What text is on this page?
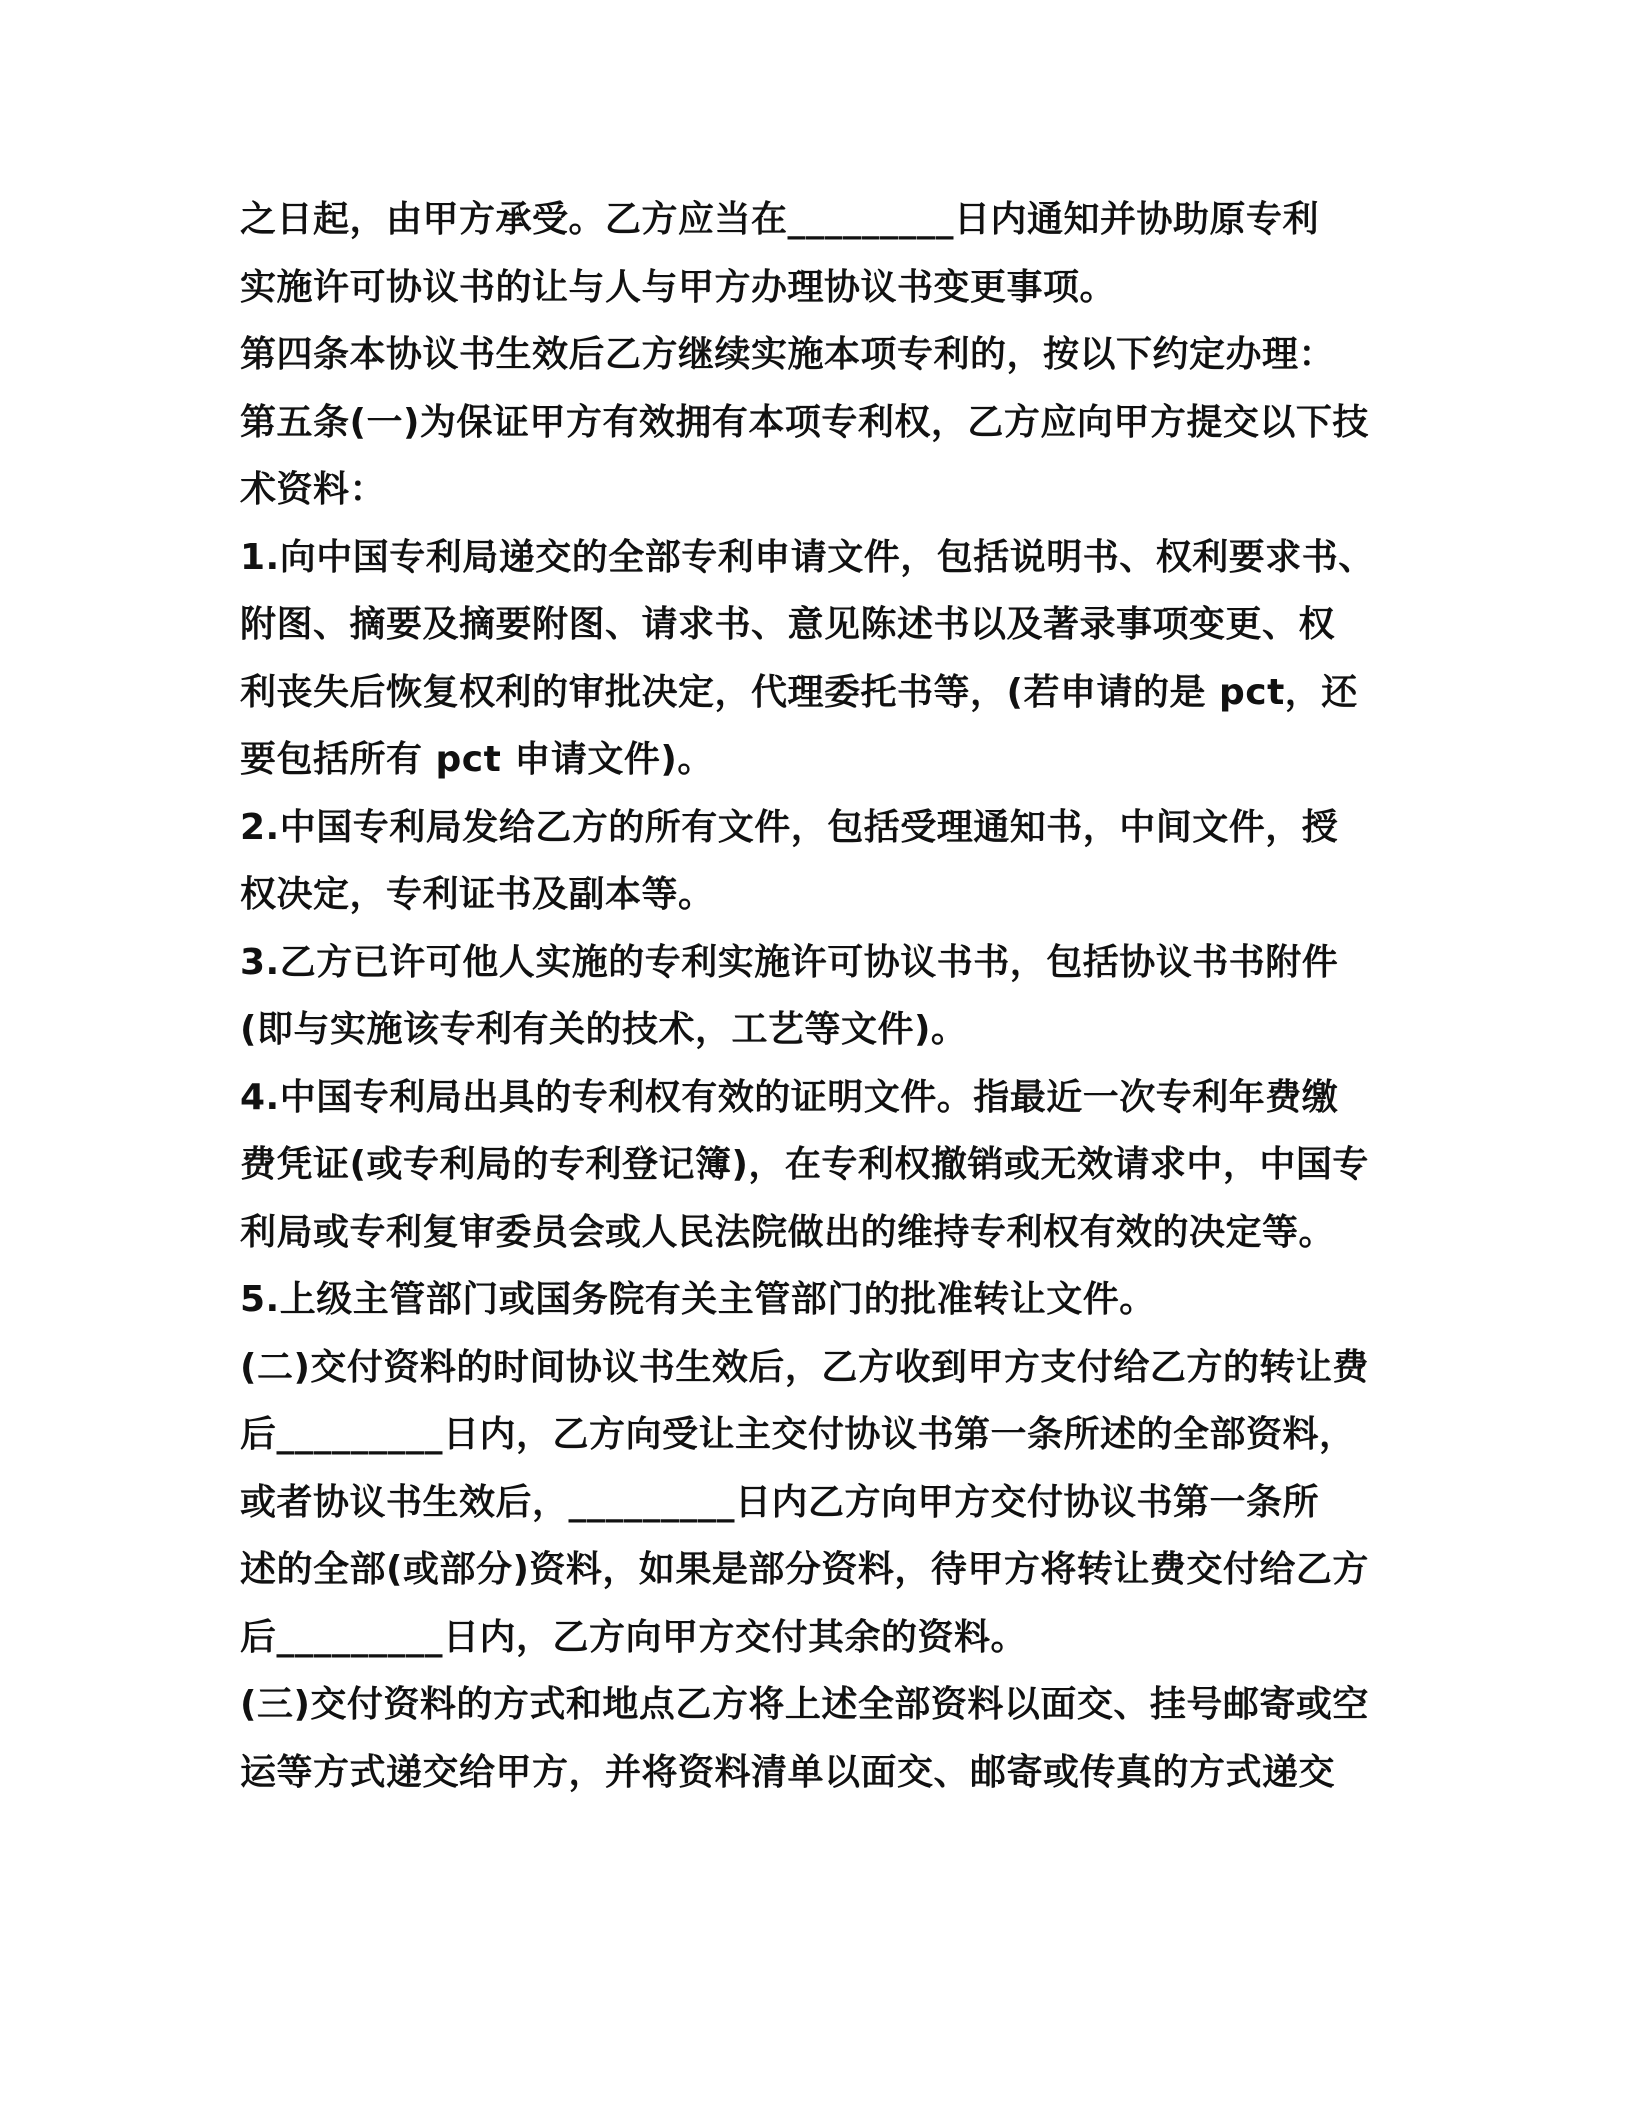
之日起，由甲方承受。乙方应当在_________日内通知并协助原专利
实施许可协议书的让与人与甲方办理协议书变更事项。
第四条本协议书生效后乙方继续实施本项专利的，按以下约定办理：
第五条(一)为保证甲方有效拥有本项专利权，乙方应向甲方提交以下技
术资料：
1.向中国专利局递交的全部专利申请文件，包括说明书、权利要求书、
附图、摘要及摘要附图、请求书、意见陈述书以及著录事项变更、权
利丧失后恢复权利的审批决定，代理委托书等，(若申请的是 pct，还
要包括所有 pct 申请文件)。
2.中国专利局发给乙方的所有文件，包括受理通知书，中间文件，授
权决定，专利证书及副本等。
3.乙方已许可他人实施的专利实施许可协议书书，包括协议书书附件
(即与实施该专利有关的技术，工艺等文件)。
4.中国专利局出具的专利权有效的证明文件。指最近一次专利年费缴
费凭证(或专利局的专利登记簿)，在专利权撤销或无效请求中，中国专
利局或专利复审委员会或人民法院做出的维持专利权有效的决定等。
5.上级主管部门或国务院有关主管部门的批准转让文件。
(二)交付资料的时间协议书生效后，乙方收到甲方支付给乙方的转让费
后_________日内，乙方向受让主交付协议书第一条所述的全部资料，
或者协议书生效后，_________日内乙方向甲方交付协议书第一条所
述的全部(或部分)资料，如果是部分资料，待甲方将转让费交付给乙方
后_________日内，乙方向甲方交付其余的资料。
(三)交付资料的方式和地点乙方将上述全部资料以面交、挂号邮寄或空
运等方式递交给甲方，并将资料清单以面交、邮寄或传真的方式递交
